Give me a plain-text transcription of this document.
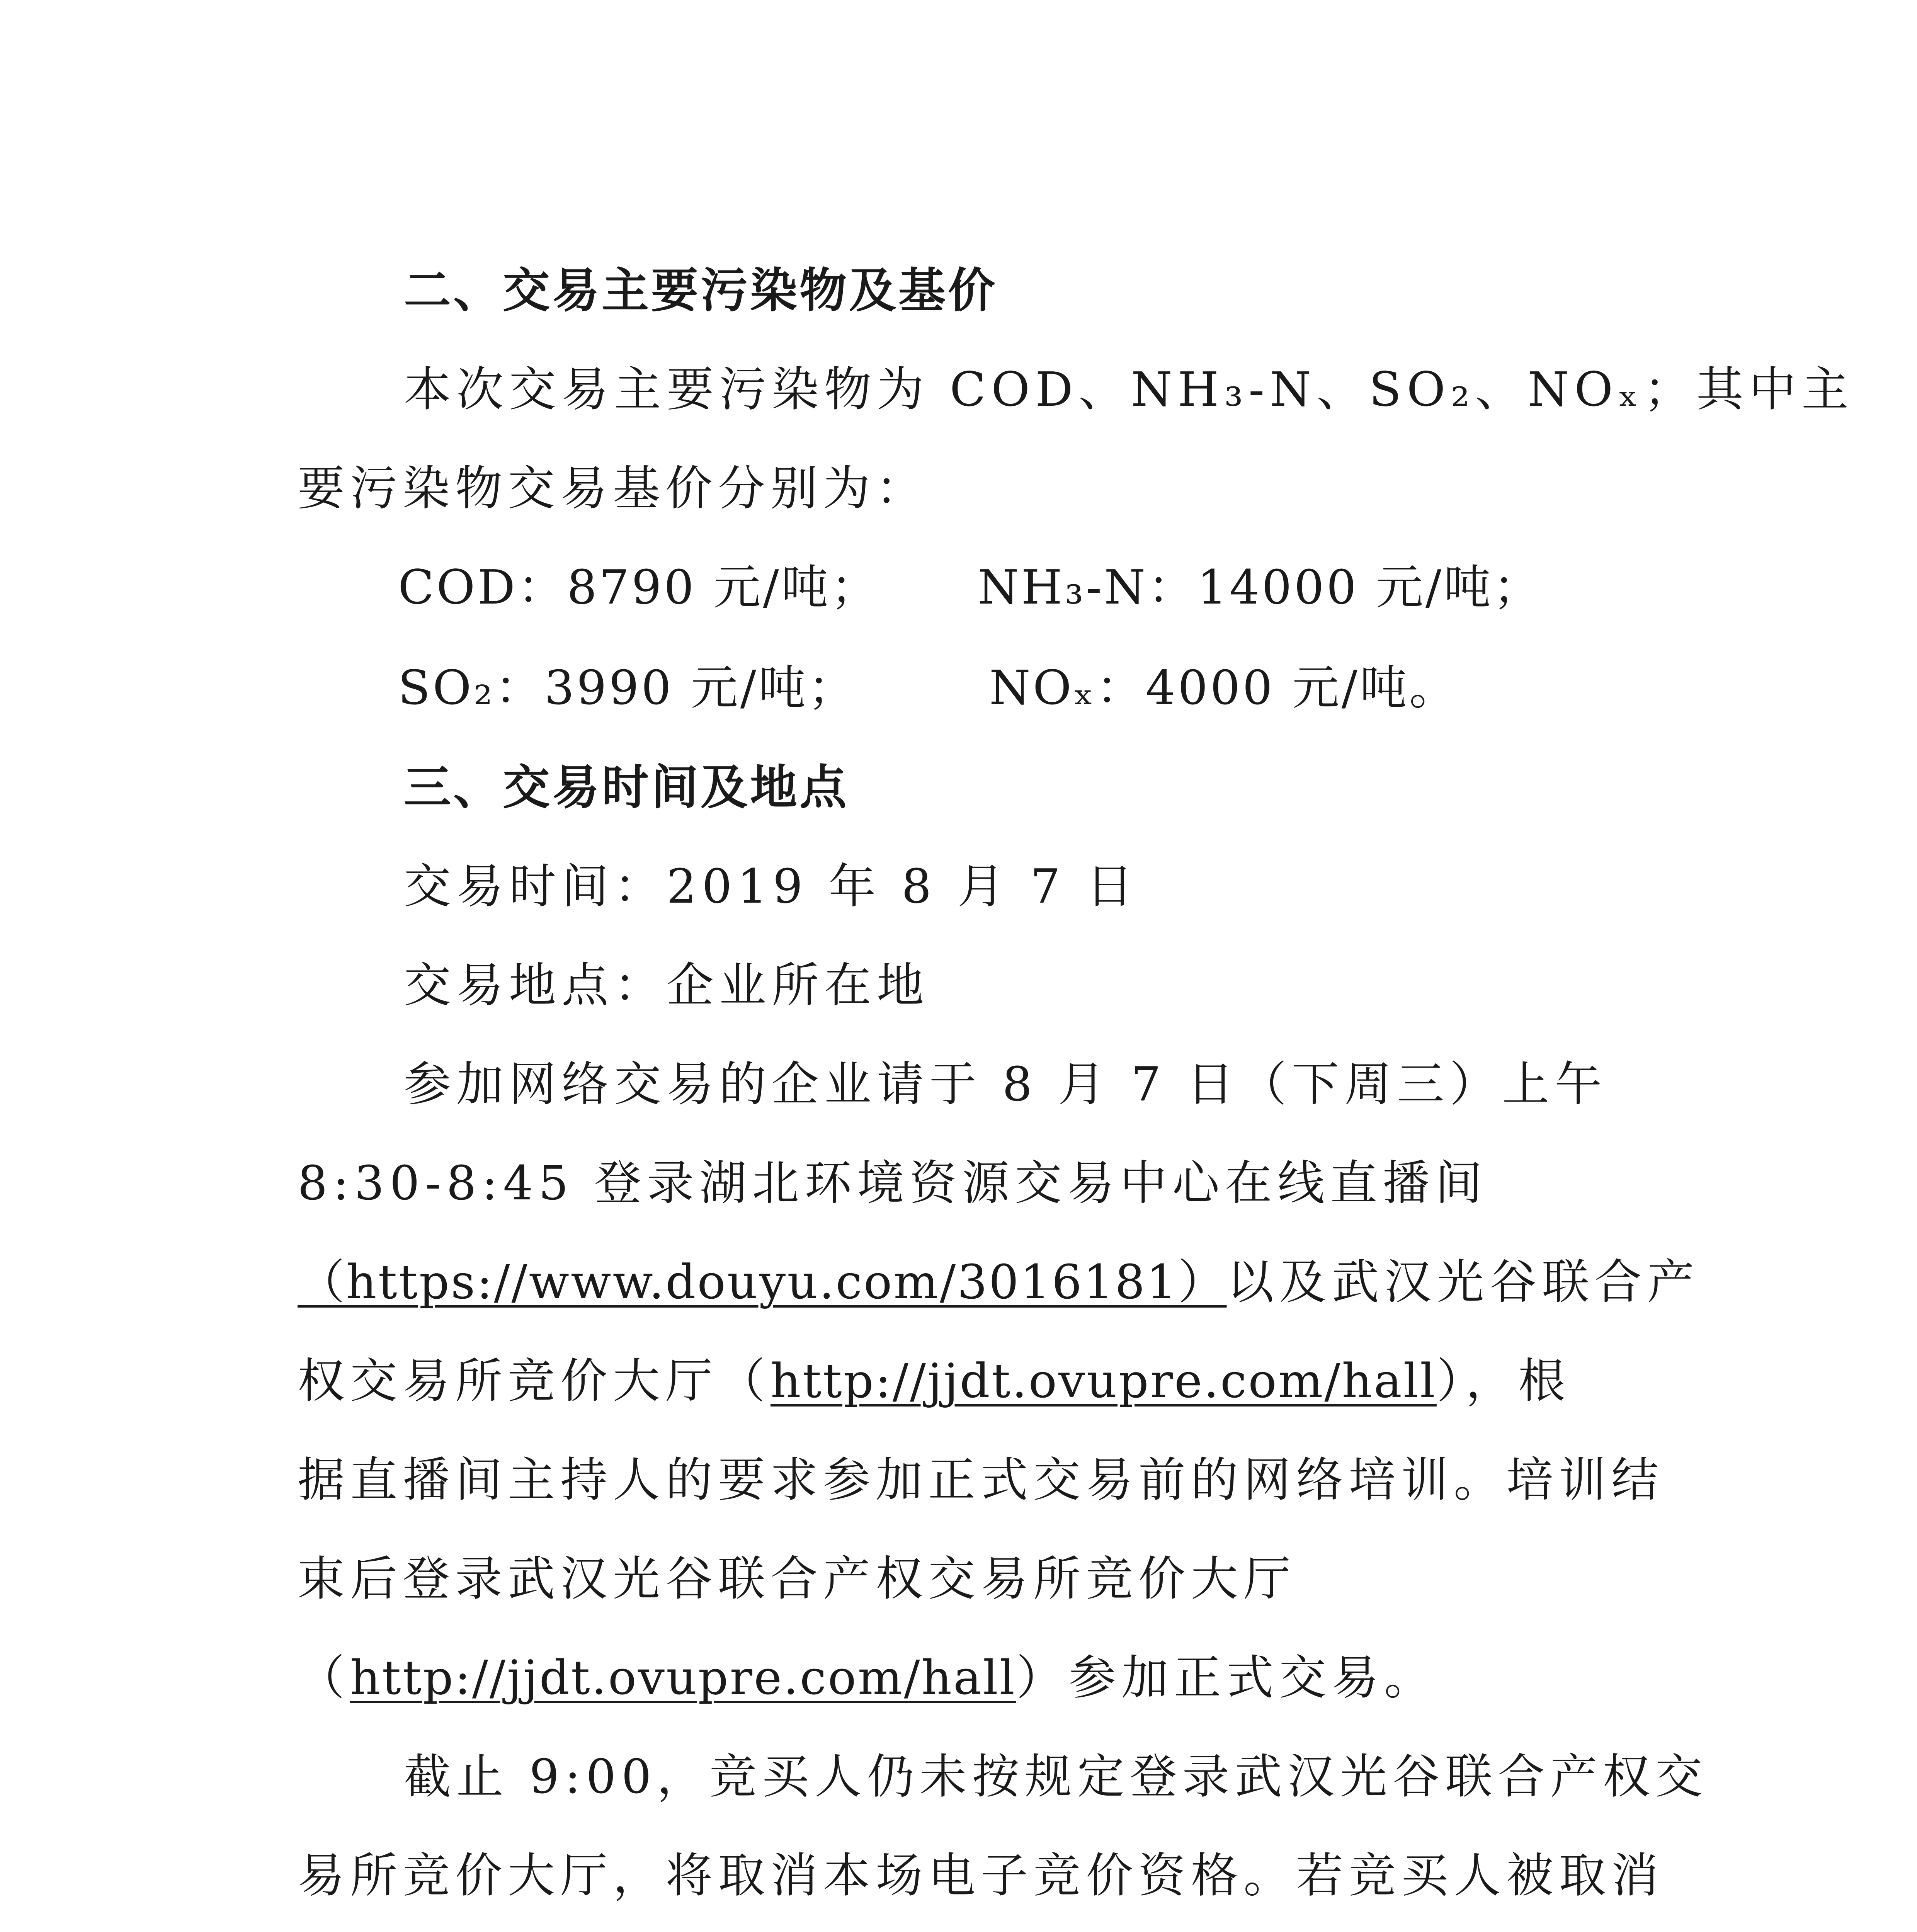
二、交易主要污染物及基价
本次交易主要污染物为 COD、NH₃-N、SO₂、NOₓ；其中主
要污染物交易基价分别为：
COD：8790 元/吨； NH₃-N：14000 元/吨；
SO₂：3990 元/吨；	NOₓ：4000 元/吨。
三、交易时间及地点
交易时间：2019 年 8 月 7 日
交易地点：企业所在地
参加网络交易的企业请于 8 月 7 日（下周三）上午
8:30-8:45 登录湖北环境资源交易中心在线直播间
（https://www.douyu.com/3016181）以及武汉光谷联合产
权交易所竞价大厅（http://jjdt.ovupre.com/hall），根
据直播间主持人的要求参加正式交易前的网络培训。培训结
束后登录武汉光谷联合产权交易所竞价大厅
（http://jjdt.ovupre.com/hall）参加正式交易。
截止 9:00，竞买人仍未按规定登录武汉光谷联合产权交
易所竞价大厅，将取消本场电子竞价资格。若竞买人被取消
